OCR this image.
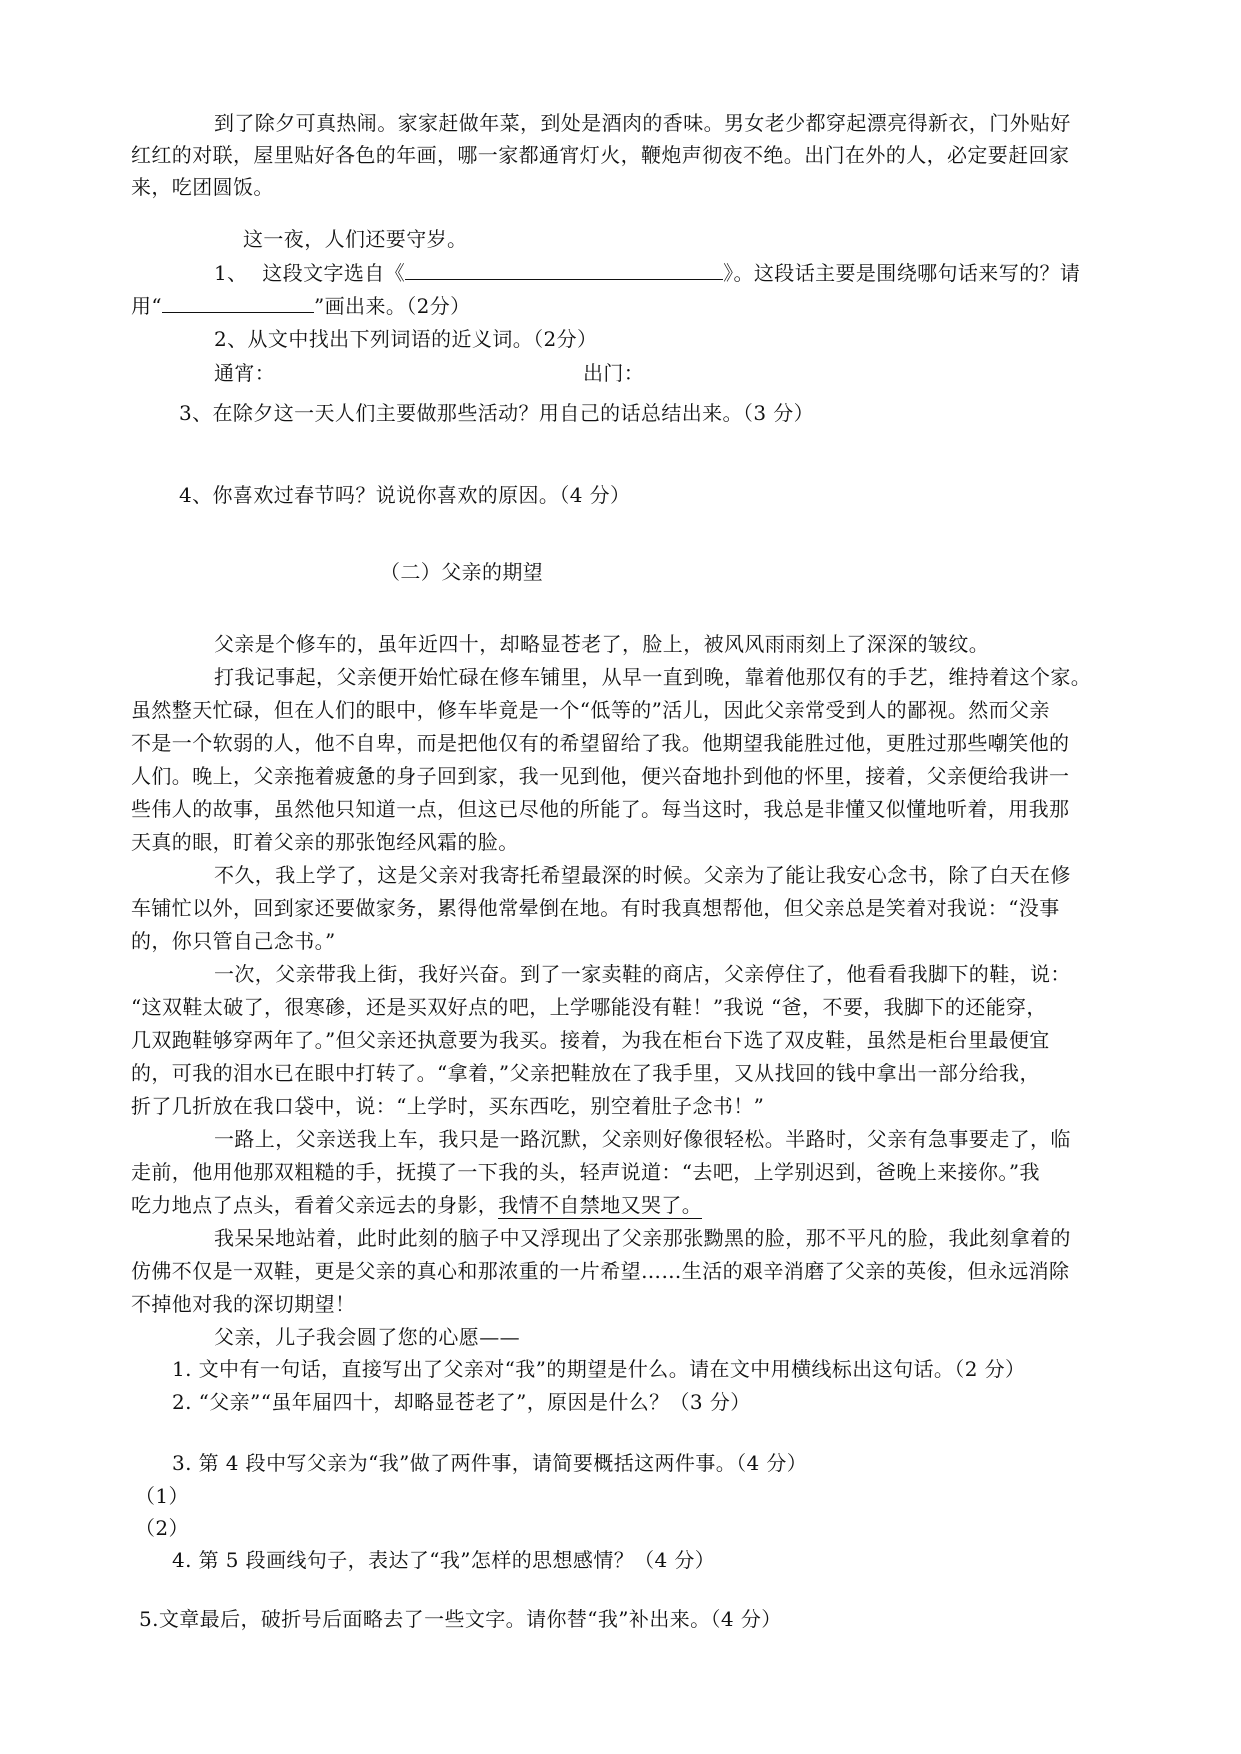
到了除夕可真热闹。家家赶做年菜，到处是酒肉的香味。男女老少都穿起漂亮得新衣，门外贴好
红红的对联，屋里贴好各色的年画，哪一家都通宵灯火，鞭炮声彻夜不绝。出门在外的人，必定要赶回家
来，吃团圆饭。
这一夜，人们还要守岁。
1、 这段文字选自《	》。这段话主要是围绕哪句话来写的？请
用“	”画出来。（2分）
2、从文中找出下列词语的近义词。（2分）
通宵：	出门：
3、在除夕这一天人们主要做那些活动？用自己的话总结出来。（3 分）
4、你喜欢过春节吗？说说你喜欢的原因。（4 分）
（二）父亲的期望
父亲是个修车的，虽年近四十，却略显苍老了，脸上，被风风雨雨刻上了深深的皱纹。
打我记事起，父亲便开始忙碌在修车铺里，从早一直到晚，靠着他那仅有的手艺，维持着这个家。
虽然整天忙碌，但在人们的眼中，修车毕竟是一个“低等的”活儿，因此父亲常受到人的鄙视。然而父亲
不是一个软弱的人，他不自卑，而是把他仅有的希望留给了我。他期望我能胜过他，更胜过那些嘲笑他的
人们。晚上，父亲拖着疲惫的身子回到家，我一见到他，便兴奋地扑到他的怀里，接着，父亲便给我讲一
些伟人的故事，虽然他只知道一点，但这已尽他的所能了。每当这时，我总是非懂又似懂地听着，用我那
天真的眼，盯着父亲的那张饱经风霜的脸。
不久，我上学了，这是父亲对我寄托希望最深的时候。父亲为了能让我安心念书，除了白天在修
车铺忙以外，回到家还要做家务，累得他常晕倒在地。有时我真想帮他，但父亲总是笑着对我说：“没事
的，你只管自己念书。”
一次，父亲带我上街，我好兴奋。到了一家卖鞋的商店，父亲停住了，他看看我脚下的鞋，说：
“这双鞋太破了，很寒碜，还是买双好点的吧，上学哪能没有鞋！”我说 “爸，不要，我脚下的还能穿，
几双跑鞋够穿两年了。”但父亲还执意要为我买。接着，为我在柜台下选了双皮鞋，虽然是柜台里最便宜
的，可我的泪水已在眼中打转了。“拿着，”父亲把鞋放在了我手里，又从找回的钱中拿出一部分给我，
折了几折放在我口袋中，说：“上学时，买东西吃，别空着肚子念书！”
一路上，父亲送我上车，我只是一路沉默，父亲则好像很轻松。半路时，父亲有急事要走了，临
走前，他用他那双粗糙的手，抚摸了一下我的头，轻声说道：“去吧，上学别迟到，爸晚上来接你。”我
吃力地点了点头，看着父亲远去的身影，我情不自禁地又哭了。
我呆呆地站着，此时此刻的脑子中又浮现出了父亲那张黝黑的脸，那不平凡的脸，我此刻拿着的
仿佛不仅是一双鞋，更是父亲的真心和那浓重的一片希望……生活的艰辛消磨了父亲的英俊，但永远消除
不掉他对我的深切期望！
父亲，儿子我会圆了您的心愿——
1. 文中有一句话，直接写出了父亲对“我”的期望是什么。请在文中用横线标出这句话。（2 分）
2. “父亲”“虽年届四十，却略显苍老了”，原因是什么？（3 分）
3. 第 4 段中写父亲为“我”做了两件事，请简要概括这两件事。（4 分）
（1）
（2）
4. 第 5 段画线句子，表达了“我”怎样的思想感情？（4 分）
5.文章最后，破折号后面略去了一些文字。请你替“我”补出来。（4 分）
